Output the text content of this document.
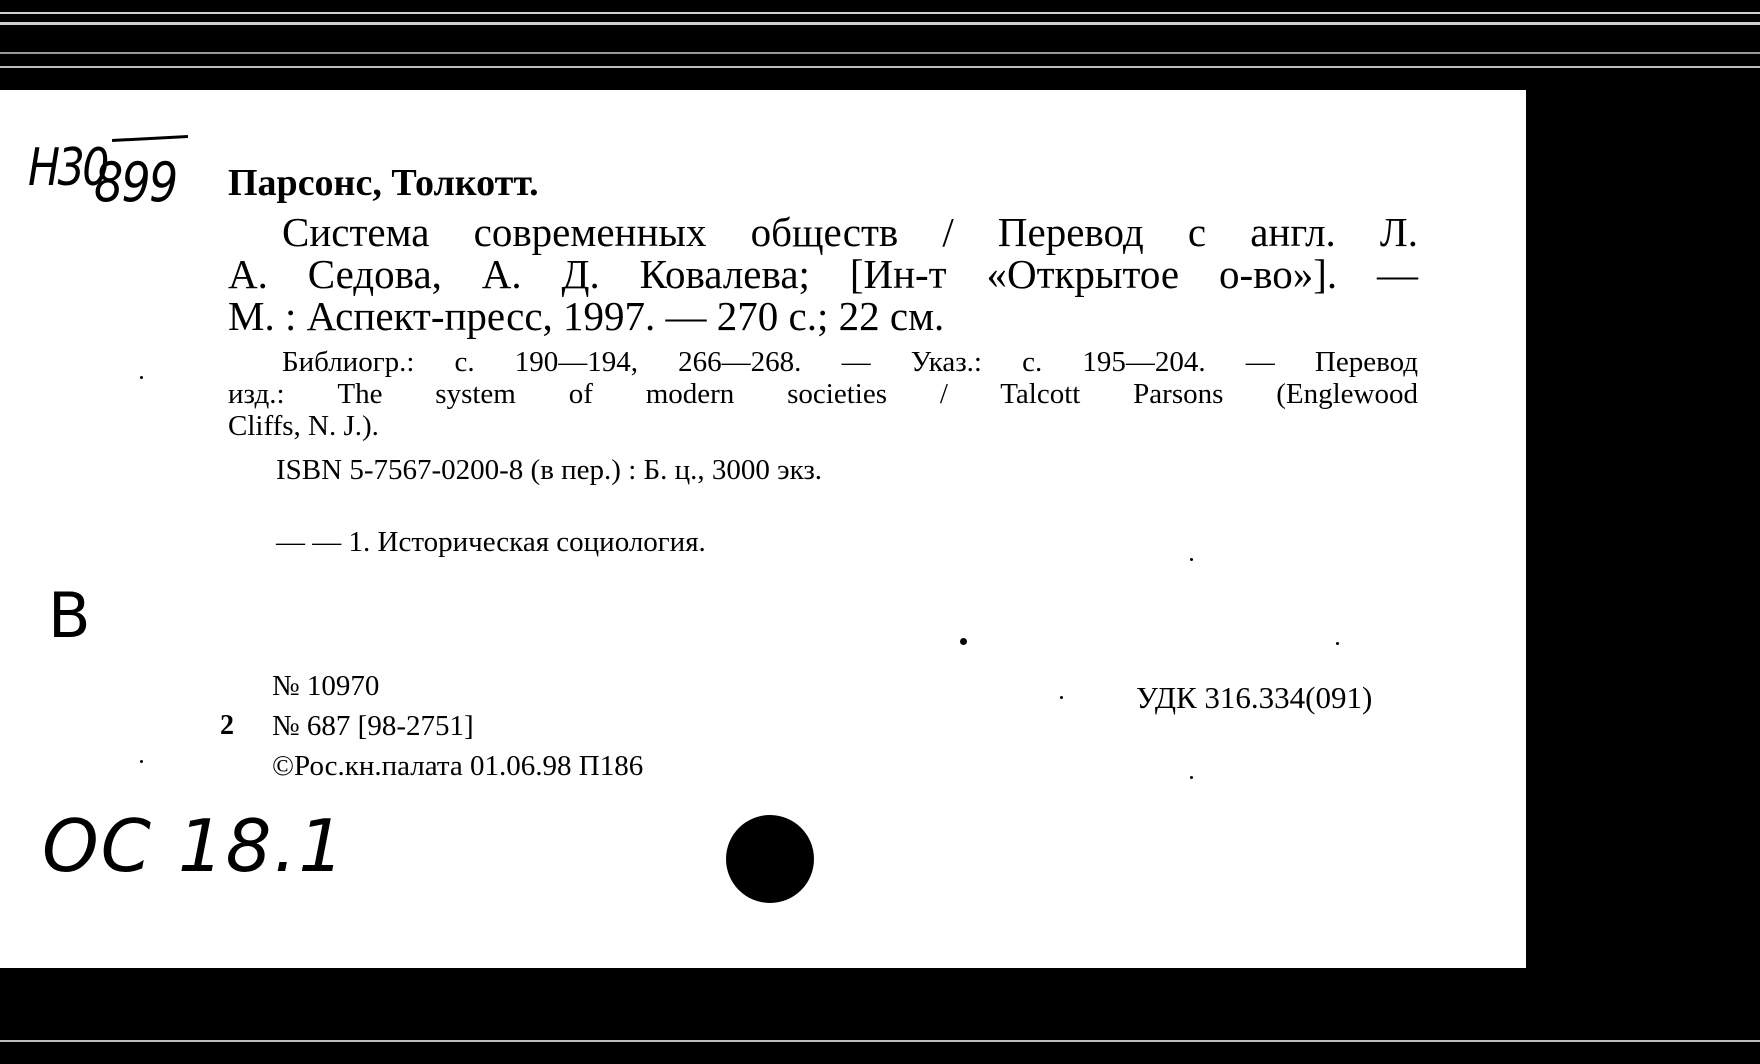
Н30
899 Парсонс, Толкотт.
Система современных обществ / Перевод с англ. Л.
А. Седова, А. Д. Ковалева; [Ин-т «Открытое о-во»]. —
М. : Аспект-пресс, 1997. — 270 с.; 22 см.
Библиогр.: с. 190—194, 266—268. — Указ.: с. 195—204. — Перевод
изд.: The system of modern societies / Talcott Parsons (Englewood
Cliffs, N. J.).
ISBN 5-7567-0200-8 (в пер.) : Б. ц., 3000 экз.
— — 1. Историческая социология.
В
№ 10970
2 № 687 [98-2751]
©Рос.кн.палата 01.06.98 П186
УДК 316.334(091)
ОС 18.1
